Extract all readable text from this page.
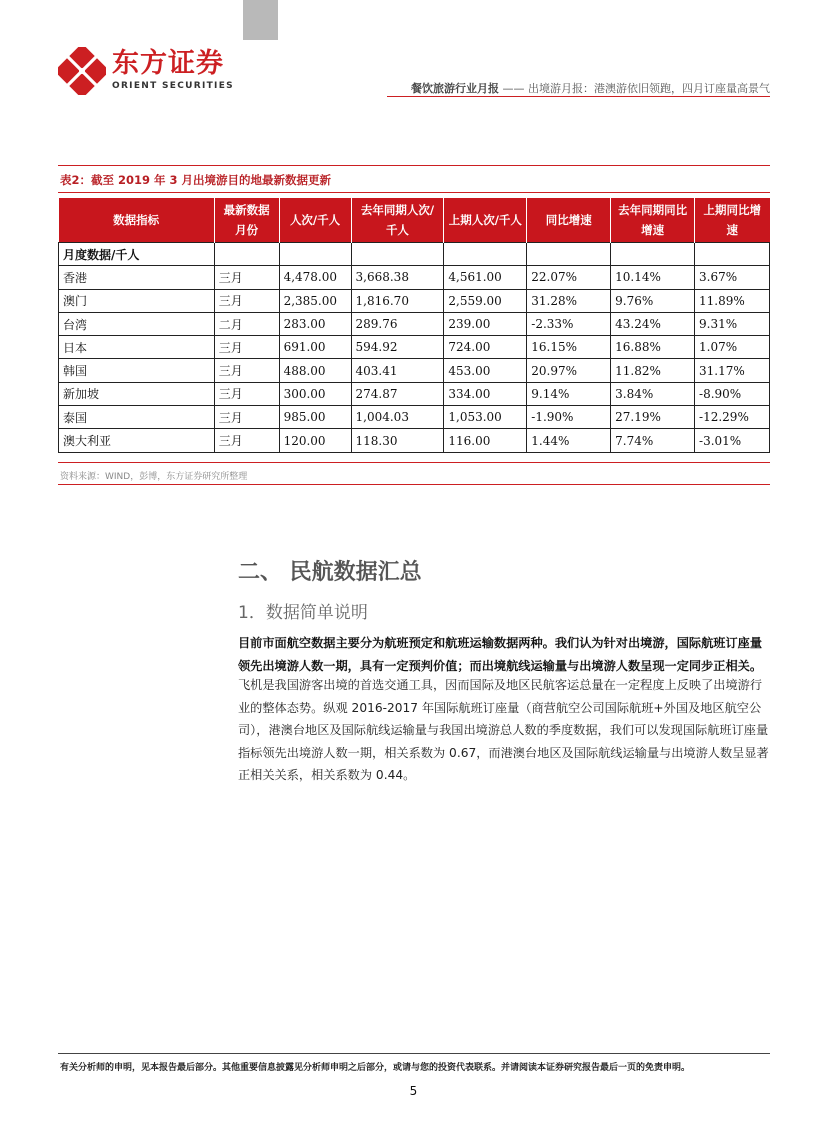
东方证券
ORIENT SECURITIES	餐饮旅游行业月报 —— 出境游月报：港澳游依旧领跑，四月订座量高景气
表2：截至 2019 年 3 月出境游目的地最新数据更新
数据指标	最新数据月份	人次/千人	去年同期人次/千人	上期人次/千人	同比增速	去年同期同比增速	上期同比增速
月度数据/千人							
香港	三月	4,478.00	3,668.38	4,561.00	22.07%	10.14%	3.67%
澳门	三月	2,385.00	1,816.70	2,559.00	31.28%	9.76%	11.89%
台湾	二月	283.00	289.76	239.00	-2.33%	43.24%	9.31%
日本	三月	691.00	594.92	724.00	16.15%	16.88%	1.07%
韩国	三月	488.00	403.41	453.00	20.97%	11.82%	31.17%
新加坡	三月	300.00	274.87	334.00	9.14%	3.84%	-8.90%
泰国	三月	985.00	1,004.03	1,053.00	-1.90%	27.19%	-12.29%
澳大利亚	三月	120.00	118.30	116.00	1.44%	7.74%	-3.01%
资料来源：WIND，彭博，东方证券研究所整理
二、 民航数据汇总
1．数据简单说明
目前市面航空数据主要分为航班预定和航班运输数据两种。我们认为针对出境游，国际航班订座量领先出境游人数一期，具有一定预判价值；而出境航线运输量与出境游人数呈现一定同步正相关。
飞机是我国游客出境的首选交通工具，因而国际及地区民航客运总量在一定程度上反映了出境游行业的整体态势。纵观 2016-2017 年国际航班订座量（商营航空公司国际航班+外国及地区航空公司），港澳台地区及国际航线运输量与我国出境游总人数的季度数据，我们可以发现国际航班订座量指标领先出境游人数一期，相关系数为 0.67，而港澳台地区及国际航线运输量与出境游人数呈显著正相关关系，相关系数为 0.44。
有关分析师的申明，见本报告最后部分。其他重要信息披露见分析师申明之后部分，或请与您的投资代表联系。并请阅读本证券研究报告最后一页的免责申明。
5
